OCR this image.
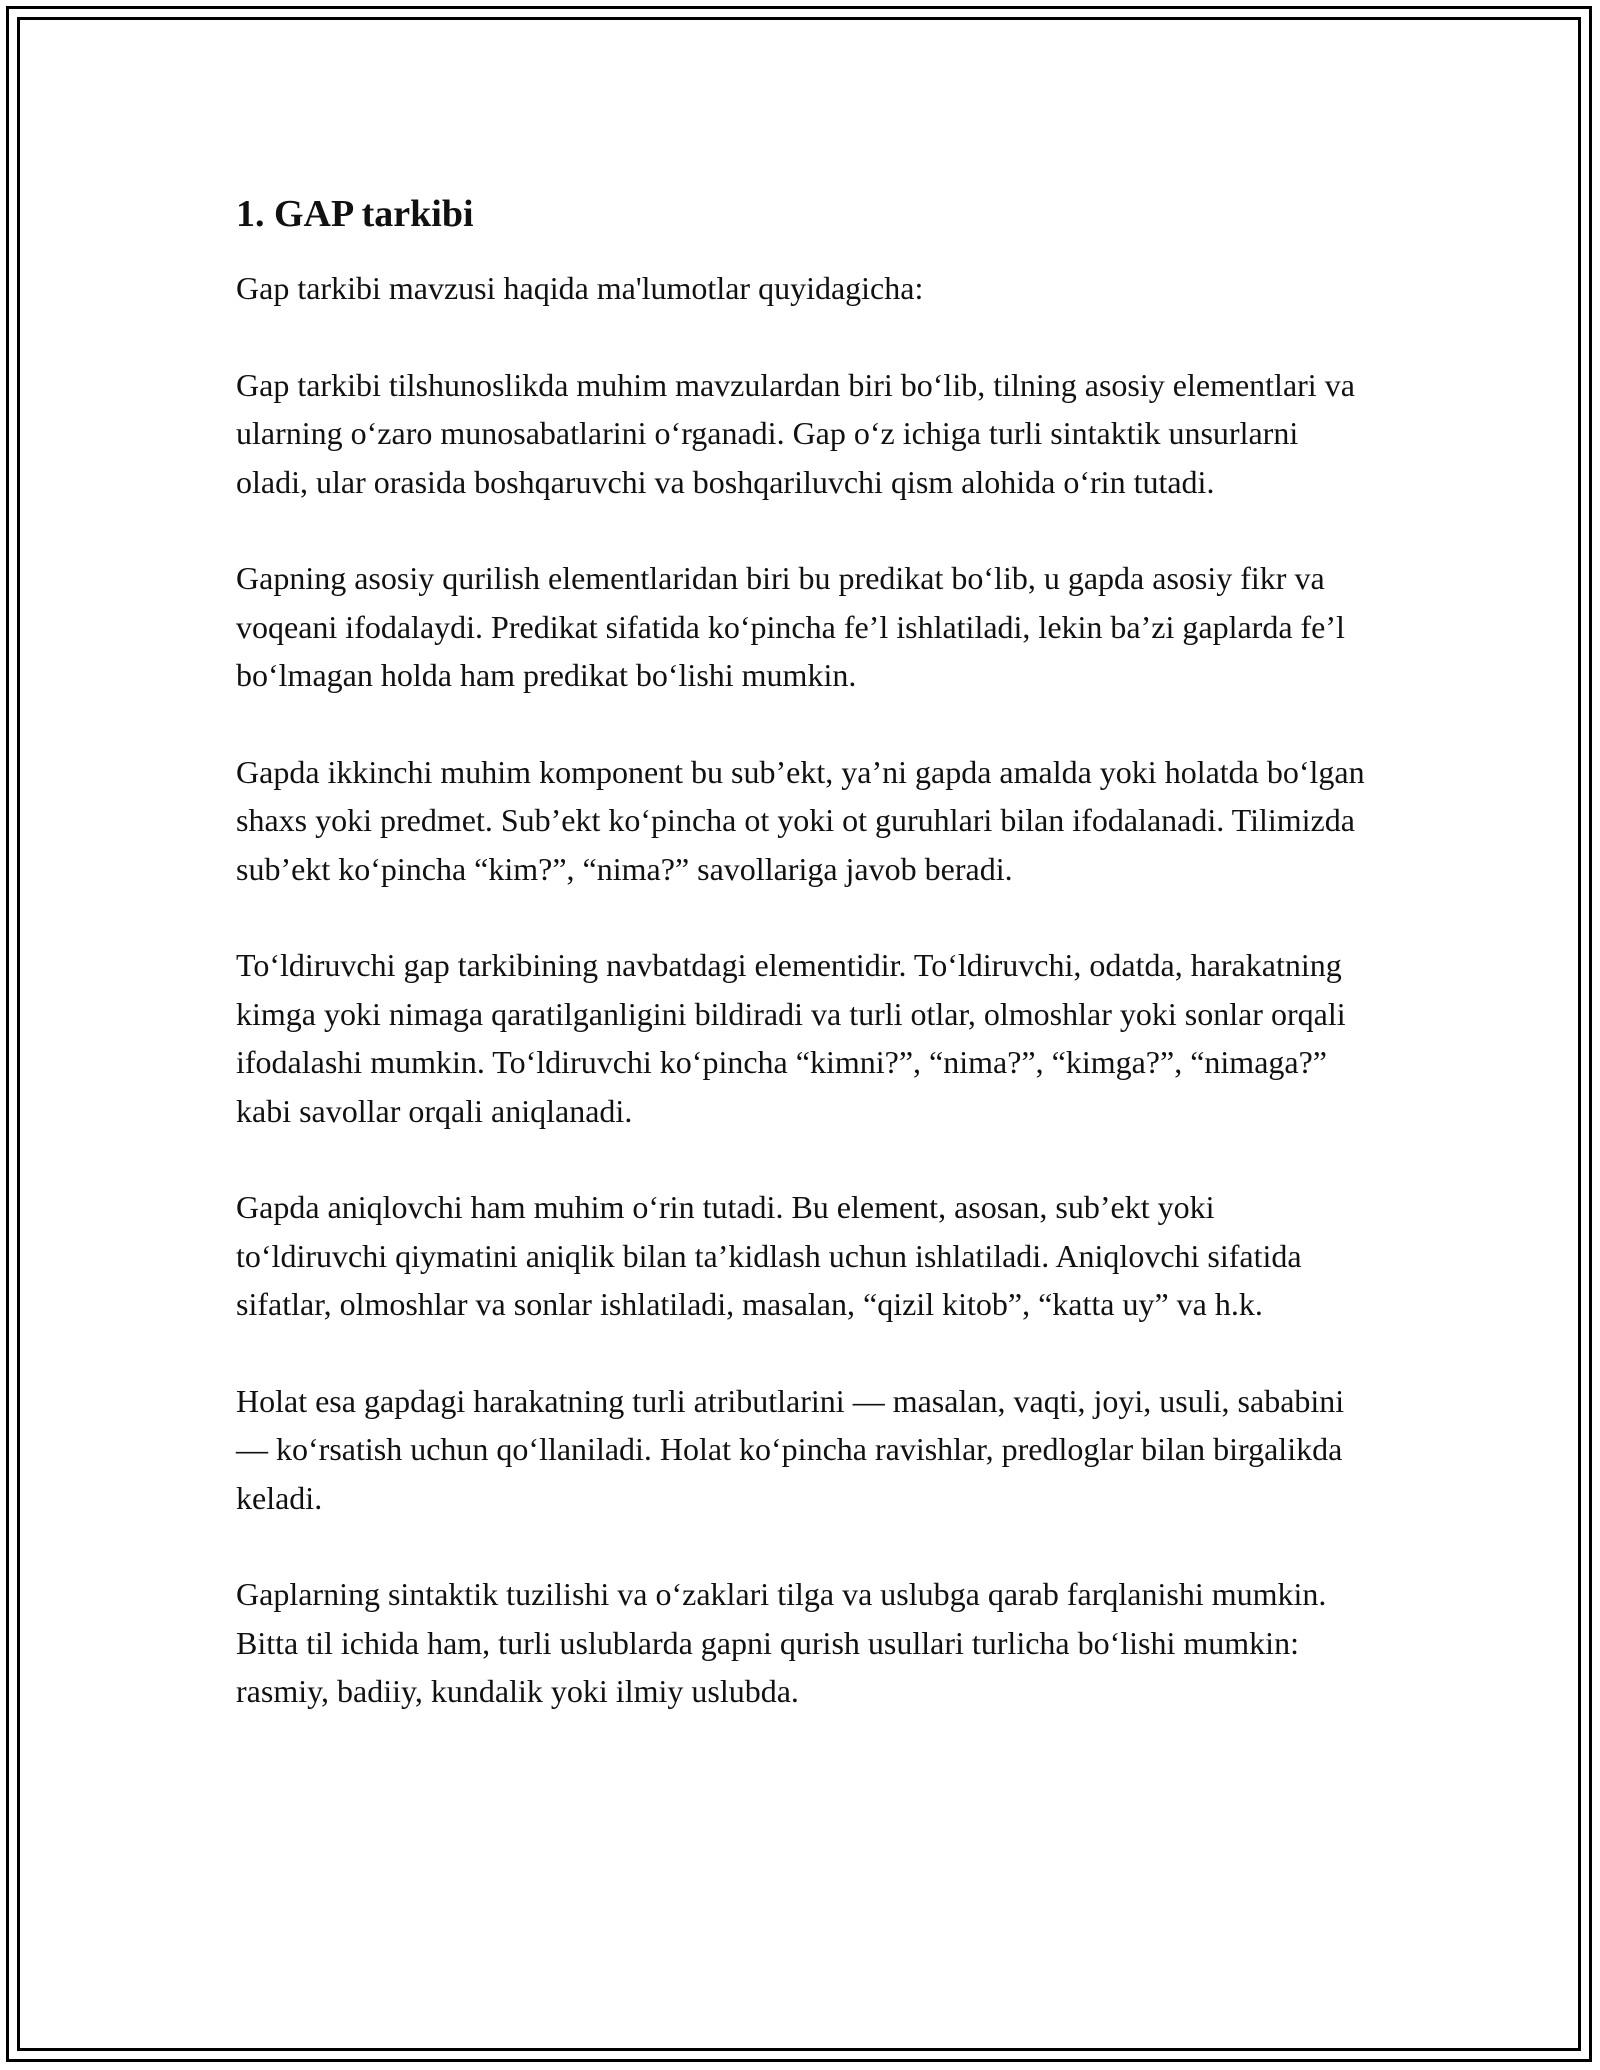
1. GAP tarkibi

Gap tarkibi mavzusi haqida ma'lumotlar quyidagicha:

Gap tarkibi tilshunoslikda muhim mavzulardan biri bo‘lib, tilning asosiy elementlari va ularning o‘zaro munosabatlarini o‘rganadi. Gap o‘z ichiga turli sintaktik unsurlarni oladi, ular orasida boshqaruvchi va boshqariluvchi qism alohida o‘rin tutadi.

Gapning asosiy qurilish elementlaridan biri bu predikat bo‘lib, u gapda asosiy fikr va voqeani ifodalaydi. Predikat sifatida ko‘pincha fe’l ishlatiladi, lekin ba’zi gaplarda fe’l bo‘lmagan holda ham predikat bo‘lishi mumkin.

Gapda ikkinchi muhim komponent bu sub’ekt, ya’ni gapda amalda yoki holatda bo‘lgan shaxs yoki predmet. Sub’ekt ko‘pincha ot yoki ot guruhlari bilan ifodalanadi. Tilimizda sub’ekt ko‘pincha “kim?”, “nima?” savollariga javob beradi.

To‘ldiruvchi gap tarkibining navbatdagi elementidir. To‘ldiruvchi, odatda, harakatning kimga yoki nimaga qaratilganligini bildiradi va turli otlar, olmoshlar yoki sonlar orqali ifodalashi mumkin. To‘ldiruvchi ko‘pincha “kimni?”, “nima?”, “kimga?”, “nimaga?” kabi savollar orqali aniqlanadi.

Gapda aniqlovchi ham muhim o‘rin tutadi. Bu element, asosan, sub’ekt yoki to‘ldiruvchi qiymatini aniqlik bilan ta’kidlash uchun ishlatiladi. Aniqlovchi sifatida sifatlar, olmoshlar va sonlar ishlatiladi, masalan, “qizil kitob”, “katta uy” va h.k.

Holat esa gapdagi harakatning turli atributlarini — masalan, vaqti, joyi, usuli, sababini — ko‘rsatish uchun qo‘llaniladi. Holat ko‘pincha ravishlar, predloglar bilan birgalikda keladi.

Gaplarning sintaktik tuzilishi va o‘zaklari tilga va uslubga qarab farqlanishi mumkin. Bitta til ichida ham, turli uslublarda gapni qurish usullari turlicha bo‘lishi mumkin: rasmiy, badiiy, kundalik yoki ilmiy uslubda.
